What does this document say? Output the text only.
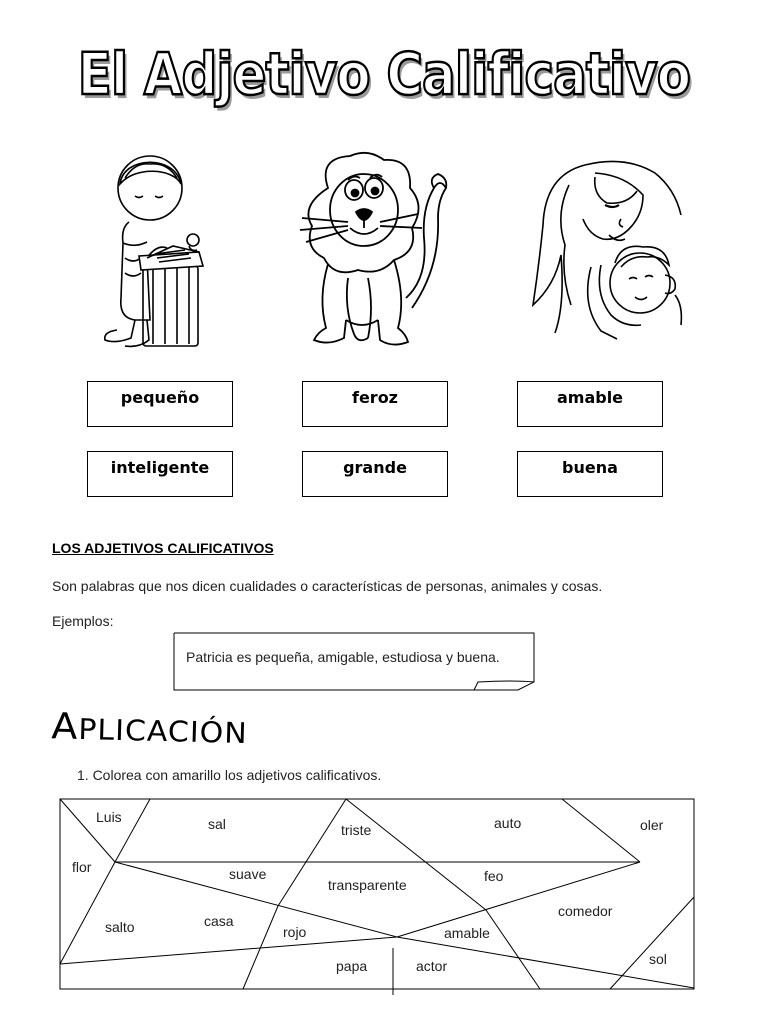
El Adjetivo Calificativo
pequeño	feroz	amable
inteligente	grande	buena
LOS ADJETIVOS CALIFICATIVOS
Son palabras que nos dicen cualidades o características de personas, animales y cosas.
Ejemplos:
Patricia es pequeña, amigable, estudiosa y buena.
APLICACIÓN
1. Colorea con amarillo los adjetivos calificativos.
Luis	sal	triste	auto	oler
flor	suave
transparente
feo
comedor
salto	casa
rojo	amable
papa	actor	sol
